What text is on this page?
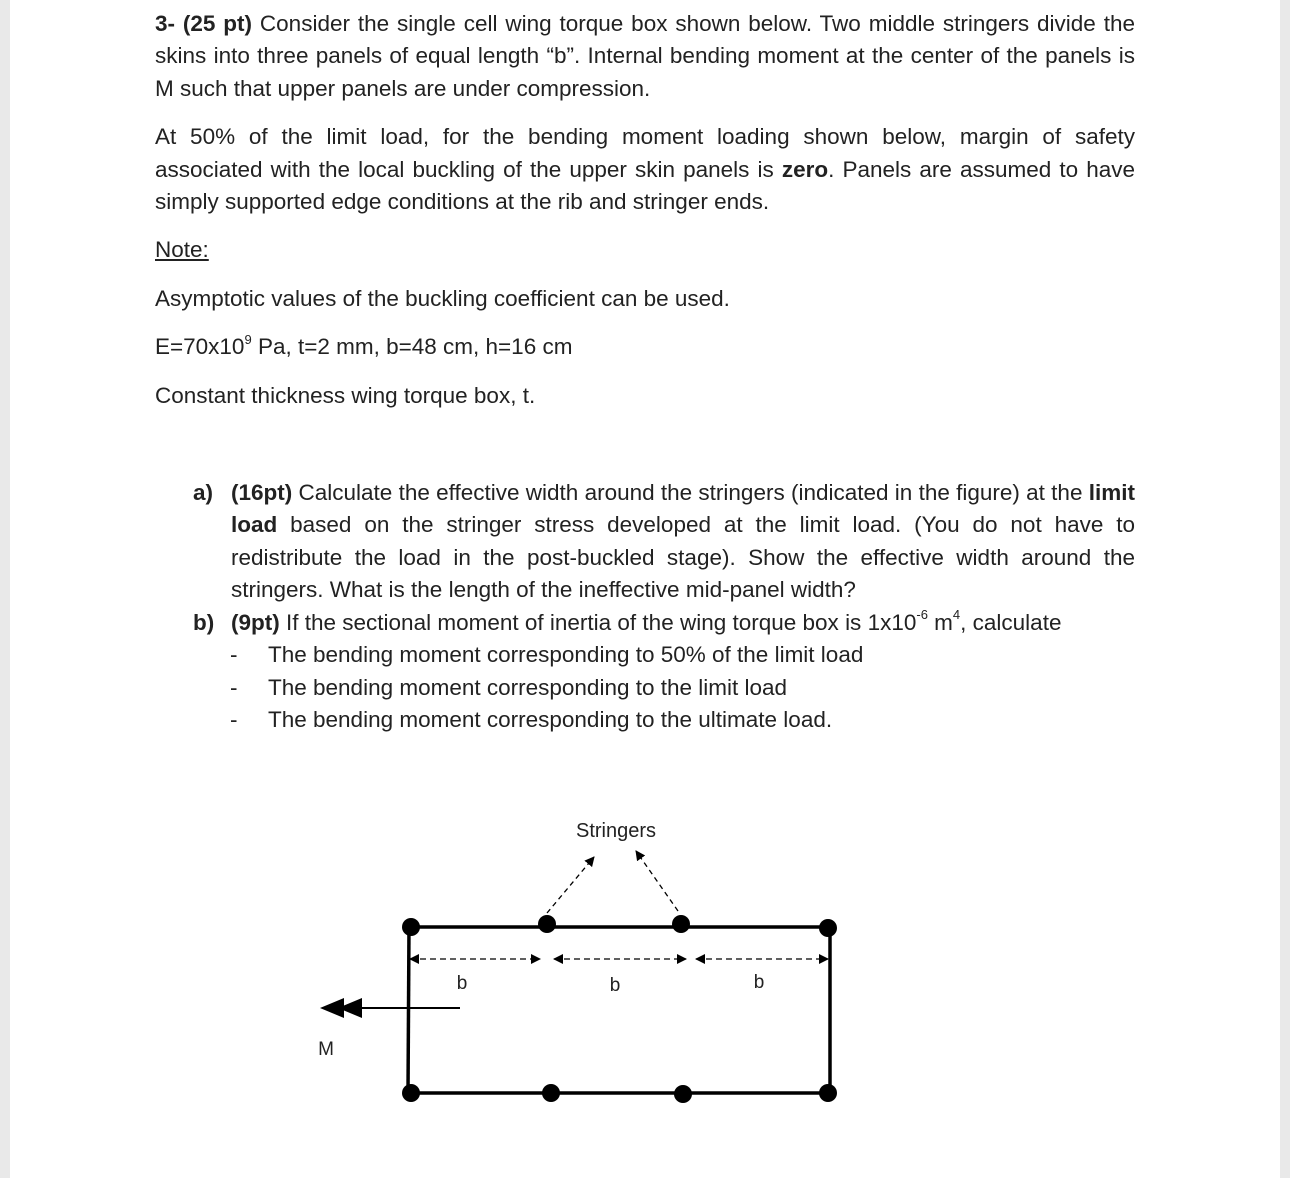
3- (25 pt) Consider the single cell wing torque box shown below. Two middle stringers divide the skins into three panels of equal length “b”. Internal bending moment at the center of the panels is M such that upper panels are under compression.

At 50% of the limit load, for the bending moment loading shown below, margin of safety associated with the local buckling of the upper skin panels is zero. Panels are assumed to have simply supported edge conditions at the rib and stringer ends.

Note:

Asymptotic values of the buckling coefficient can be used.

$E=70x10^9$ Pa, t=2 mm, b=48 cm, h=16 cm

Constant thickness wing torque box, t.

a) (16pt) Calculate the effective width around the stringers (indicated in the figure) at the limit load based on the stringer stress developed at the limit load. (You do not have to redistribute the load in the post-buckled stage). Show the effective width around the stringers. What is the length of the ineffective mid-panel width?
b) (9pt) If the sectional moment of inertia of the wing torque box is $1x10^{-6}$ $m^4$, calculate
- The bending moment corresponding to 50% of the limit load
- The bending moment corresponding to the limit load
- The bending moment corresponding to the ultimate load.
Stringers
b	b	b
M
